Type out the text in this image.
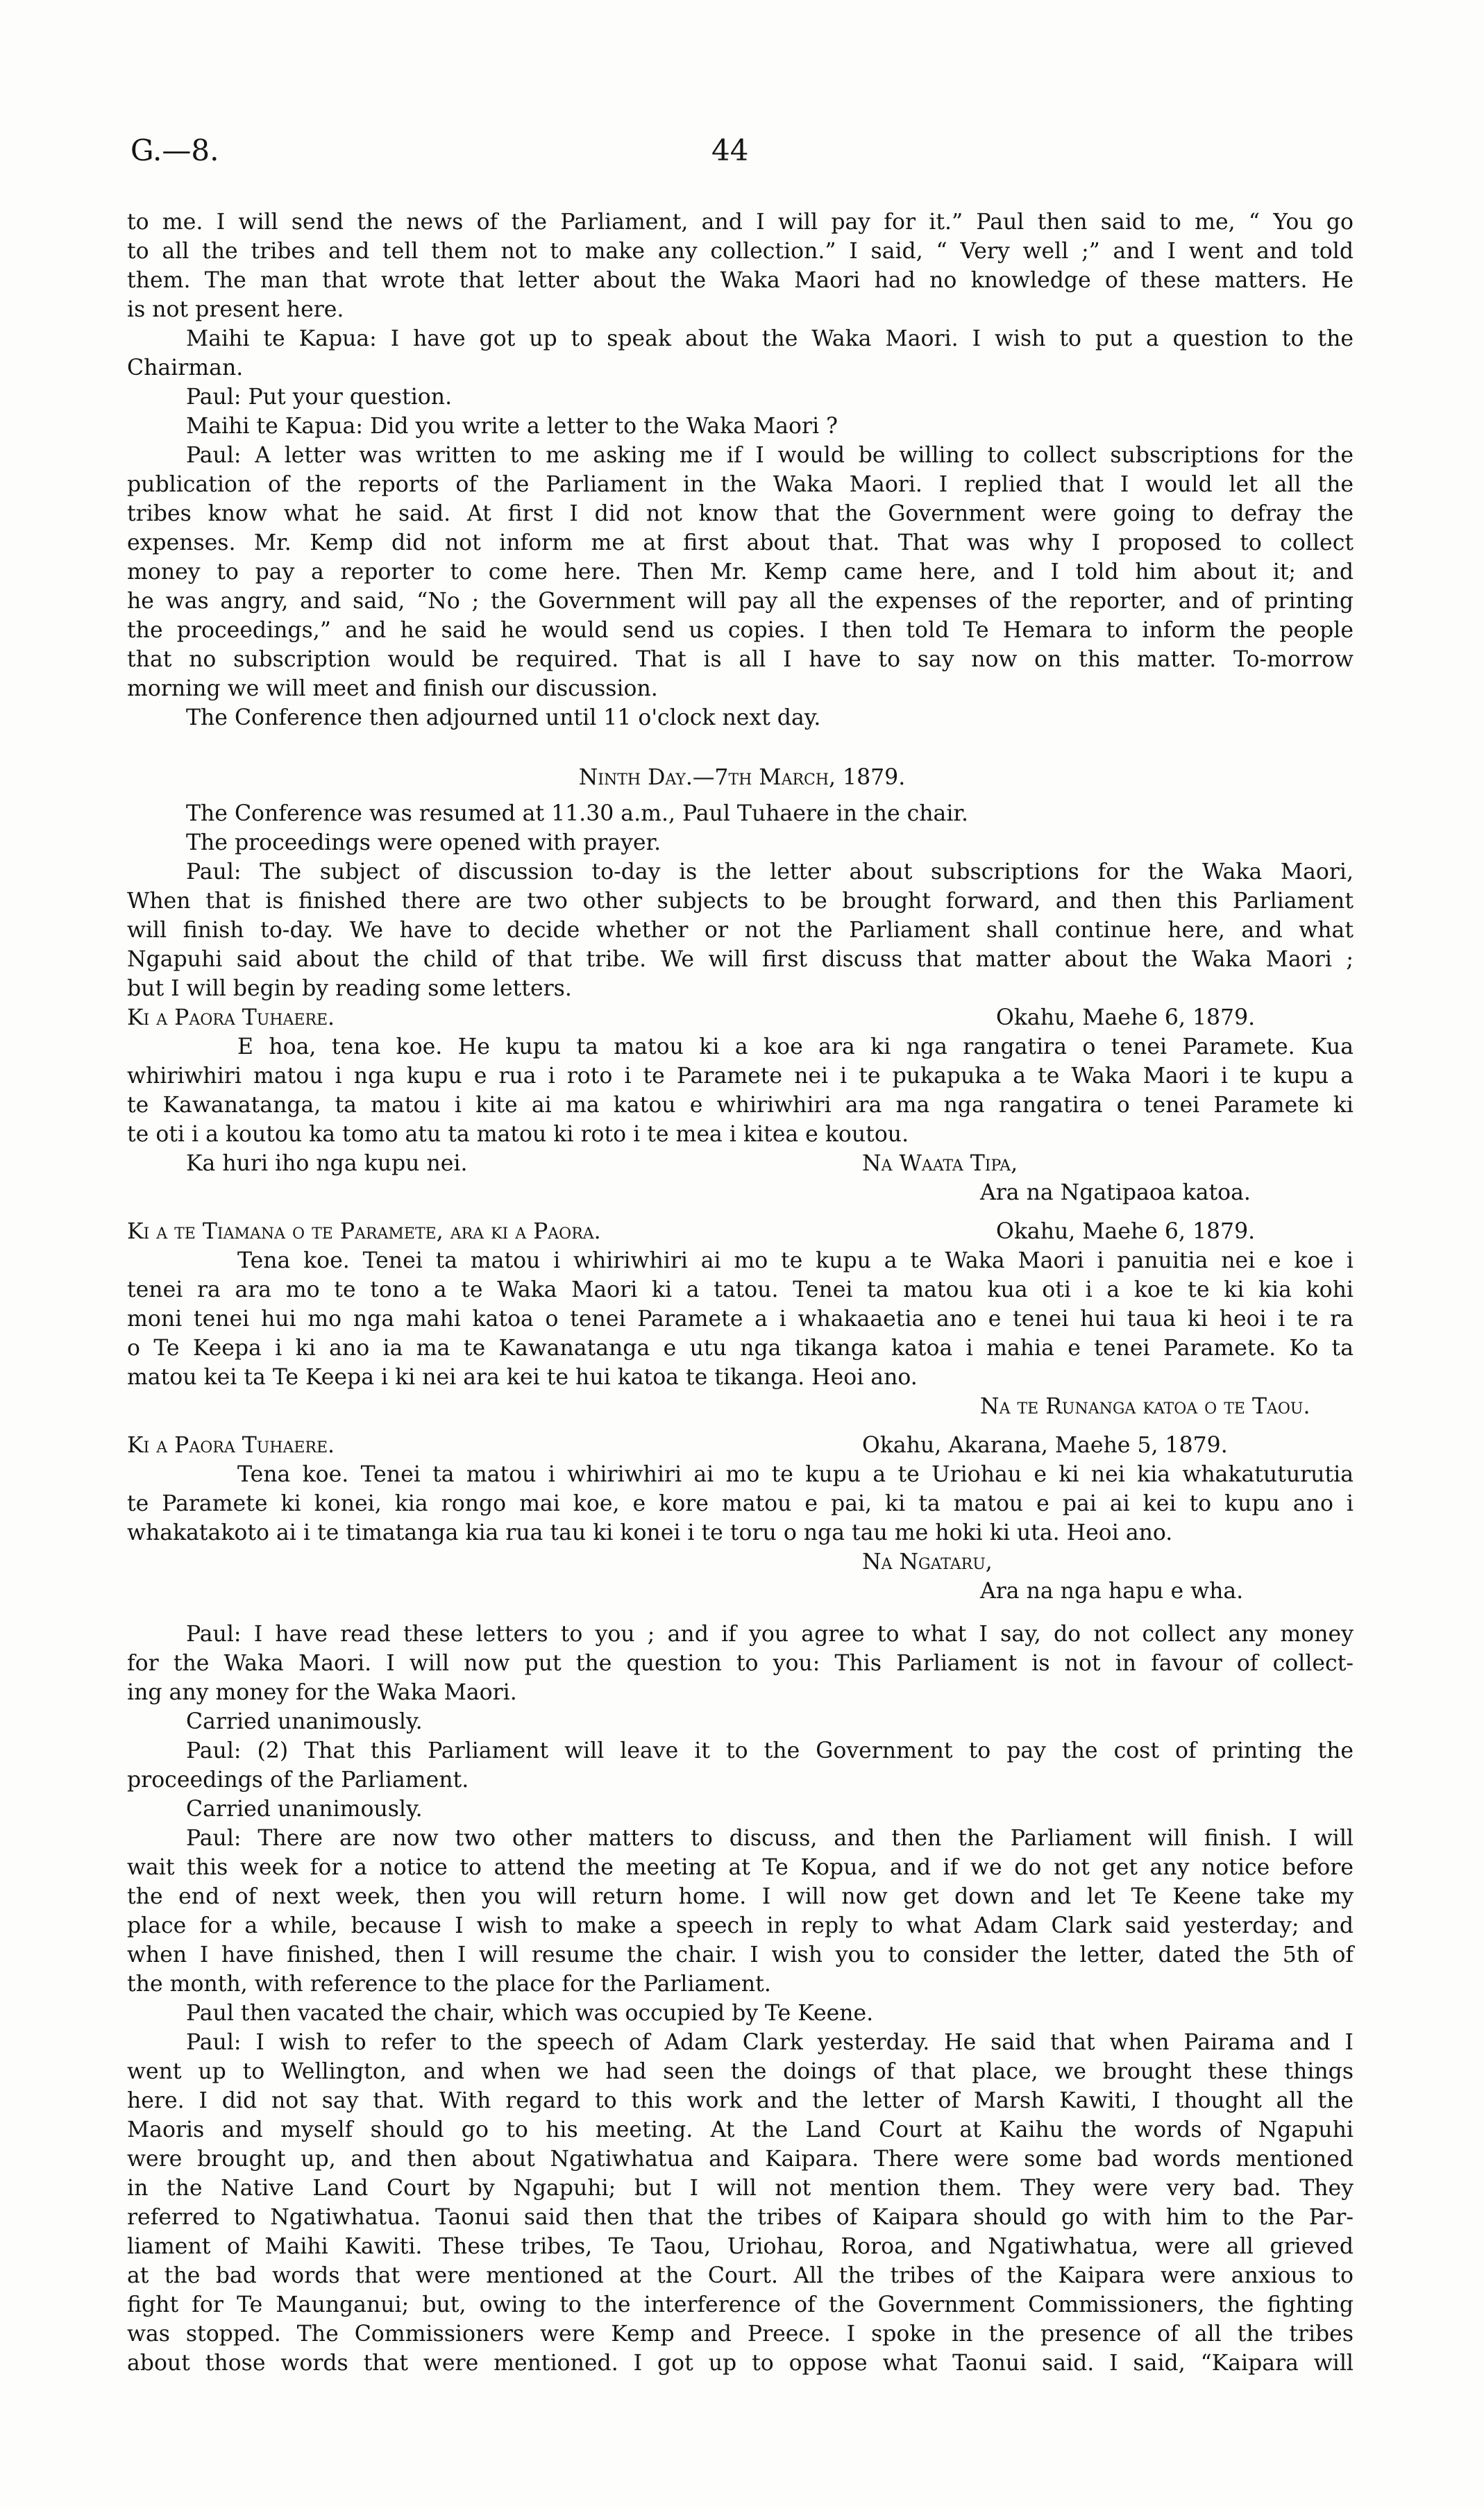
G.—8.	44
to me. I will send the news of the Parliament, and I will pay for it.” Paul then said to me, “ You go
to all the tribes and tell them not to make any collection.” I said, “ Very well ;” and I went and told
them. The man that wrote that letter about the Waka Maori had no knowledge of these matters. He
is not present here.
Maihi te Kapua: I have got up to speak about the Waka Maori. I wish to put a question to the
Chairman.
Paul: Put your question.
Maihi te Kapua: Did you write a letter to the Waka Maori ?
Paul: A letter was written to me asking me if I would be willing to collect subscriptions for the
publication of the reports of the Parliament in the Waka Maori. I replied that I would let all the
tribes know what he said. At first I did not know that the Government were going to defray the
expenses. Mr. Kemp did not inform me at first about that. That was why I proposed to collect
money to pay a reporter to come here. Then Mr. Kemp came here, and I told him about it; and
he was angry, and said, “No ; the Government will pay all the expenses of the reporter, and of printing
the proceedings,” and he said he would send us copies. I then told Te Hemara to inform the people
that no subscription would be required. That is all I have to say now on this matter. To-morrow
morning we will meet and finish our discussion.
The Conference then adjourned until 11 o'clock next day.
Ninth Day.—7th March, 1879.
The Conference was resumed at 11.30 a.m., Paul Tuhaere in the chair.
The proceedings were opened with prayer.
Paul: The subject of discussion to-day is the letter about subscriptions for the Waka Maori,
When that is finished there are two other subjects to be brought forward, and then this Parliament
will finish to-day. We have to decide whether or not the Parliament shall continue here, and what
Ngapuhi said about the child of that tribe. We will first discuss that matter about the Waka Maori ;
but I will begin by reading some letters.
Ki a Paora Tuhaere.	Okahu, Maehe 6, 1879.
E hoa, tena koe. He kupu ta matou ki a koe ara ki nga rangatira o tenei Paramete. Kua
whiriwhiri matou i nga kupu e rua i roto i te Paramete nei i te pukapuka a te Waka Maori i te kupu a
te Kawanatanga, ta matou i kite ai ma katou e whiriwhiri ara ma nga rangatira o tenei Paramete ki
te oti i a koutou ka tomo atu ta matou ki roto i te mea i kitea e koutou.
Ka huri iho nga kupu nei.	Na Waata Tipa,
Ara na Ngatipaoa katoa.
Ki a te Tiamana o te Paramete, ara ki a Paora.	Okahu, Maehe 6, 1879.
Tena koe. Tenei ta matou i whiriwhiri ai mo te kupu a te Waka Maori i panuitia nei e koe i
tenei ra ara mo te tono a te Waka Maori ki a tatou. Tenei ta matou kua oti i a koe te ki kia kohi
moni tenei hui mo nga mahi katoa o tenei Paramete a i whakaaetia ano e tenei hui taua ki heoi i te ra
o Te Keepa i ki ano ia ma te Kawanatanga e utu nga tikanga katoa i mahia e tenei Paramete. Ko ta
matou kei ta Te Keepa i ki nei ara kei te hui katoa te tikanga. Heoi ano.
Na te Runanga katoa o te Taou.
Ki a Paora Tuhaere.	Okahu, Akarana, Maehe 5, 1879.
Tena koe. Tenei ta matou i whiriwhiri ai mo te kupu a te Uriohau e ki nei kia whakatuturutia
te Paramete ki konei, kia rongo mai koe, e kore matou e pai, ki ta matou e pai ai kei to kupu ano i
whakatakoto ai i te timatanga kia rua tau ki konei i te toru o nga tau me hoki ki uta. Heoi ano.
Na Ngataru,
Ara na nga hapu e wha.
Paul: I have read these letters to you ; and if you agree to what I say, do not collect any money
for the Waka Maori. I will now put the question to you: This Parliament is not in favour of collect-
ing any money for the Waka Maori.
Carried unanimously.
Paul: (2) That this Parliament will leave it to the Government to pay the cost of printing the
proceedings of the Parliament.
Carried unanimously.
Paul: There are now two other matters to discuss, and then the Parliament will finish. I will
wait this week for a notice to attend the meeting at Te Kopua, and if we do not get any notice before
the end of next week, then you will return home. I will now get down and let Te Keene take my
place for a while, because I wish to make a speech in reply to what Adam Clark said yesterday; and
when I have finished, then I will resume the chair. I wish you to consider the letter, dated the 5th of
the month, with reference to the place for the Parliament.
Paul then vacated the chair, which was occupied by Te Keene.
Paul: I wish to refer to the speech of Adam Clark yesterday. He said that when Pairama and I
went up to Wellington, and when we had seen the doings of that place, we brought these things
here. I did not say that. With regard to this work and the letter of Marsh Kawiti, I thought all the
Maoris and myself should go to his meeting. At the Land Court at Kaihu the words of Ngapuhi
were brought up, and then about Ngatiwhatua and Kaipara. There were some bad words mentioned
in the Native Land Court by Ngapuhi; but I will not mention them. They were very bad. They
referred to Ngatiwhatua. Taonui said then that the tribes of Kaipara should go with him to the Par-
liament of Maihi Kawiti. These tribes, Te Taou, Uriohau, Roroa, and Ngatiwhatua, were all grieved
at the bad words that were mentioned at the Court. All the tribes of the Kaipara were anxious to
fight for Te Maunganui; but, owing to the interference of the Government Commissioners, the fighting
was stopped. The Commissioners were Kemp and Preece. I spoke in the presence of all the tribes
about those words that were mentioned. I got up to oppose what Taonui said. I said, “Kaipara will
